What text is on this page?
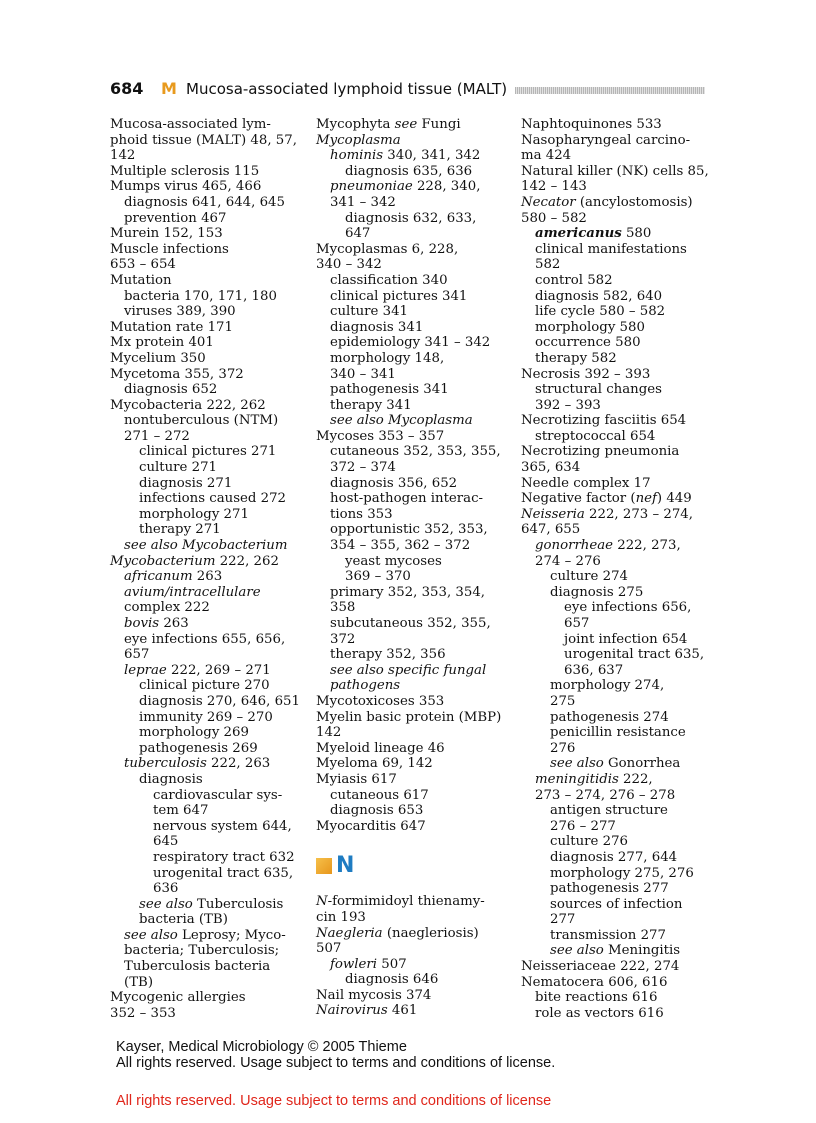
684 M Mucosa-associated lymphoid tissue (MALT)
Mucosa-associated lym-
phoid tissue (MALT) 48, 57,
142
Multiple sclerosis 115
Mumps virus 465, 466
diagnosis 641, 644, 645
prevention 467
Murein 152, 153
Muscle infections
653 – 654
Mutation
bacteria 170, 171, 180
viruses 389, 390
Mutation rate 171
Mx protein 401
Mycelium 350
Mycetoma 355, 372
diagnosis 652
Mycobacteria 222, 262
nontuberculous (NTM)
271 – 272
clinical pictures 271
culture 271
diagnosis 271
infections caused 272
morphology 271
therapy 271
see also Mycobacterium
Mycobacterium 222, 262
africanum 263
avium/intracellulare
complex 222
bovis 263
eye infections 655, 656,
657
leprae 222, 269 – 271
clinical picture 270
diagnosis 270, 646, 651
immunity 269 – 270
morphology 269
pathogenesis 269
tuberculosis 222, 263
diagnosis
cardiovascular sys-
tem 647
nervous system 644,
645
respiratory tract 632
urogenital tract 635,
636
see also Tuberculosis
bacteria (TB)
see also Leprosy; Myco-
bacteria; Tuberculosis;
Tuberculosis bacteria
(TB)
Mycogenic allergies
352 – 353
Mycophyta see Fungi
Mycoplasma
hominis 340, 341, 342
diagnosis 635, 636
pneumoniae 228, 340,
341 – 342
diagnosis 632, 633,
647
Mycoplasmas 6, 228,
340 – 342
classification 340
clinical pictures 341
culture 341
diagnosis 341
epidemiology 341 – 342
morphology 148,
340 – 341
pathogenesis 341
therapy 341
see also Mycoplasma
Mycoses 353 – 357
cutaneous 352, 353, 355,
372 – 374
diagnosis 356, 652
host-pathogen interac-
tions 353
opportunistic 352, 353,
354 – 355, 362 – 372
yeast mycoses
369 – 370
primary 352, 353, 354,
358
subcutaneous 352, 355,
372
therapy 352, 356
see also specific fungal
pathogens
Mycotoxicoses 353
Myelin basic protein (MBP)
142
Myeloid lineage 46
Myeloma 69, 142
Myiasis 617
cutaneous 617
diagnosis 653
Myocarditis 647
N
N-formimidoyl thienamy-
cin 193
Naegleria (naegleriosis)
507
fowleri 507
diagnosis 646
Nail mycosis 374
Nairovirus 461
Naphtoquinones 533
Nasopharyngeal carcino-
ma 424
Natural killer (NK) cells 85,
142 – 143
Necator (ancylostomosis)
580 – 582
americanus 580
clinical manifestations
582
control 582
diagnosis 582, 640
life cycle 580 – 582
morphology 580
occurrence 580
therapy 582
Necrosis 392 – 393
structural changes
392 – 393
Necrotizing fasciitis 654
streptococcal 654
Necrotizing pneumonia
365, 634
Needle complex 17
Negative factor (nef) 449
Neisseria 222, 273 – 274,
647, 655
gonorrheae 222, 273,
274 – 276
culture 274
diagnosis 275
eye infections 656,
657
joint infection 654
urogenital tract 635,
636, 637
morphology 274,
275
pathogenesis 274
penicillin resistance
276
see also Gonorrhea
meningitidis 222,
273 – 274, 276 – 278
antigen structure
276 – 277
culture 276
diagnosis 277, 644
morphology 275, 276
pathogenesis 277
sources of infection
277
transmission 277
see also Meningitis
Neisseriaceae 222, 274
Nematocera 606, 616
bite reactions 616
role as vectors 616
Kayser, Medical Microbiology © 2005 Thieme
All rights reserved. Usage subject to terms and conditions of license.
All rights reserved. Usage subject to terms and conditions of license
